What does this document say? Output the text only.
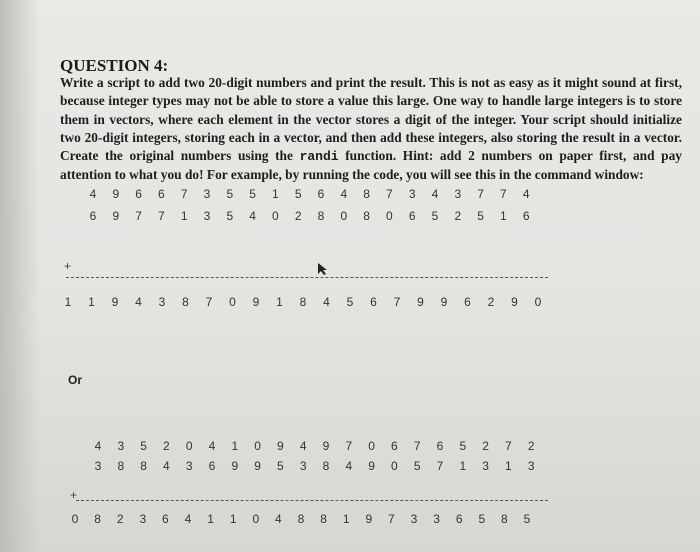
QUESTION 4:

Write a script to add two 20-digit numbers and print the result. This is not as easy as it might sound at first, because integer types may not be able to store a value this large. One way to handle large integers is to store them in vectors, where each element in the vector stores a digit of the integer. Your script should initialize two 20-digit integers, storing each in a vector, and then add these integers, also storing the result in a vector. Create the original numbers using the randi function. Hint: add 2 numbers on paper first, and pay attention to what you do! For example, by running the code, you will see this in the command window:

4 9 6 6 7 3 5 5 1 5 6 4 8 7 3 4 3 7 7 4
6 9 7 7 1 3 5 4 0 2 8 0 8 0 6 5 2 5 1 6
+
1 1 9 4 3 8 7 0 9 1 8 4 5 6 7 9 9 6 2 9 0
Or
4 3 5 2 0 4 1 0 9 4 9 7 0 6 7 6 5 2 7 2
3 8 8 4 3 6 9 9 5 3 8 4 9 0 5 7 1 3 1 3
+
0 8 2 3 6 4 1 1 0 4 8 8 1 9 7 3 3 6 5 8 5
